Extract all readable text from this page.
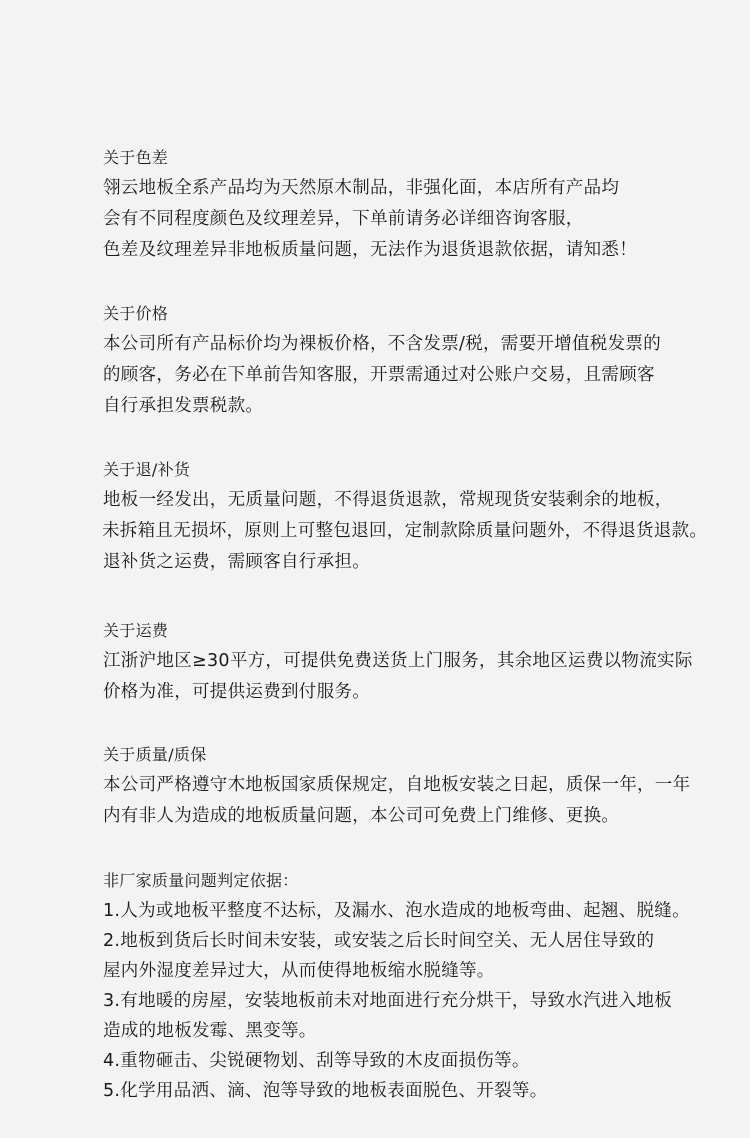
关于色差
翎云地板全系产品均为天然原木制品，非强化面，本店所有产品均
会有不同程度颜色及纹理差异，下单前请务必详细咨询客服，
色差及纹理差异非地板质量问题，无法作为退货退款依据，请知悉！
关于价格
本公司所有产品标价均为裸板价格，不含发票/税，需要开增值税发票的
的顾客，务必在下单前告知客服，开票需通过对公账户交易，且需顾客
自行承担发票税款。
关于退/补货
地板一经发出，无质量问题，不得退货退款，常规现货安装剩余的地板，
未拆箱且无损坏，原则上可整包退回，定制款除质量问题外，不得退货退款。
退补货之运费，需顾客自行承担。
关于运费
江浙沪地区≥30平方，可提供免费送货上门服务，其余地区运费以物流实际
价格为准，可提供运费到付服务。
关于质量/质保
本公司严格遵守木地板国家质保规定，自地板安装之日起，质保一年，一年
内有非人为造成的地板质量问题，本公司可免费上门维修、更换。
非厂家质量问题判定依据：
1.人为或地板平整度不达标，及漏水、泡水造成的地板弯曲、起翘、脱缝。
2.地板到货后长时间未安装，或安装之后长时间空关、无人居住导致的
屋内外湿度差异过大，从而使得地板缩水脱缝等。
3.有地暖的房屋，安装地板前未对地面进行充分烘干，导致水汽进入地板
造成的地板发霉、黑变等。
4.重物砸击、尖锐硬物划、刮等导致的木皮面损伤等。
5.化学用品洒、滴、泡等导致的地板表面脱色、开裂等。
